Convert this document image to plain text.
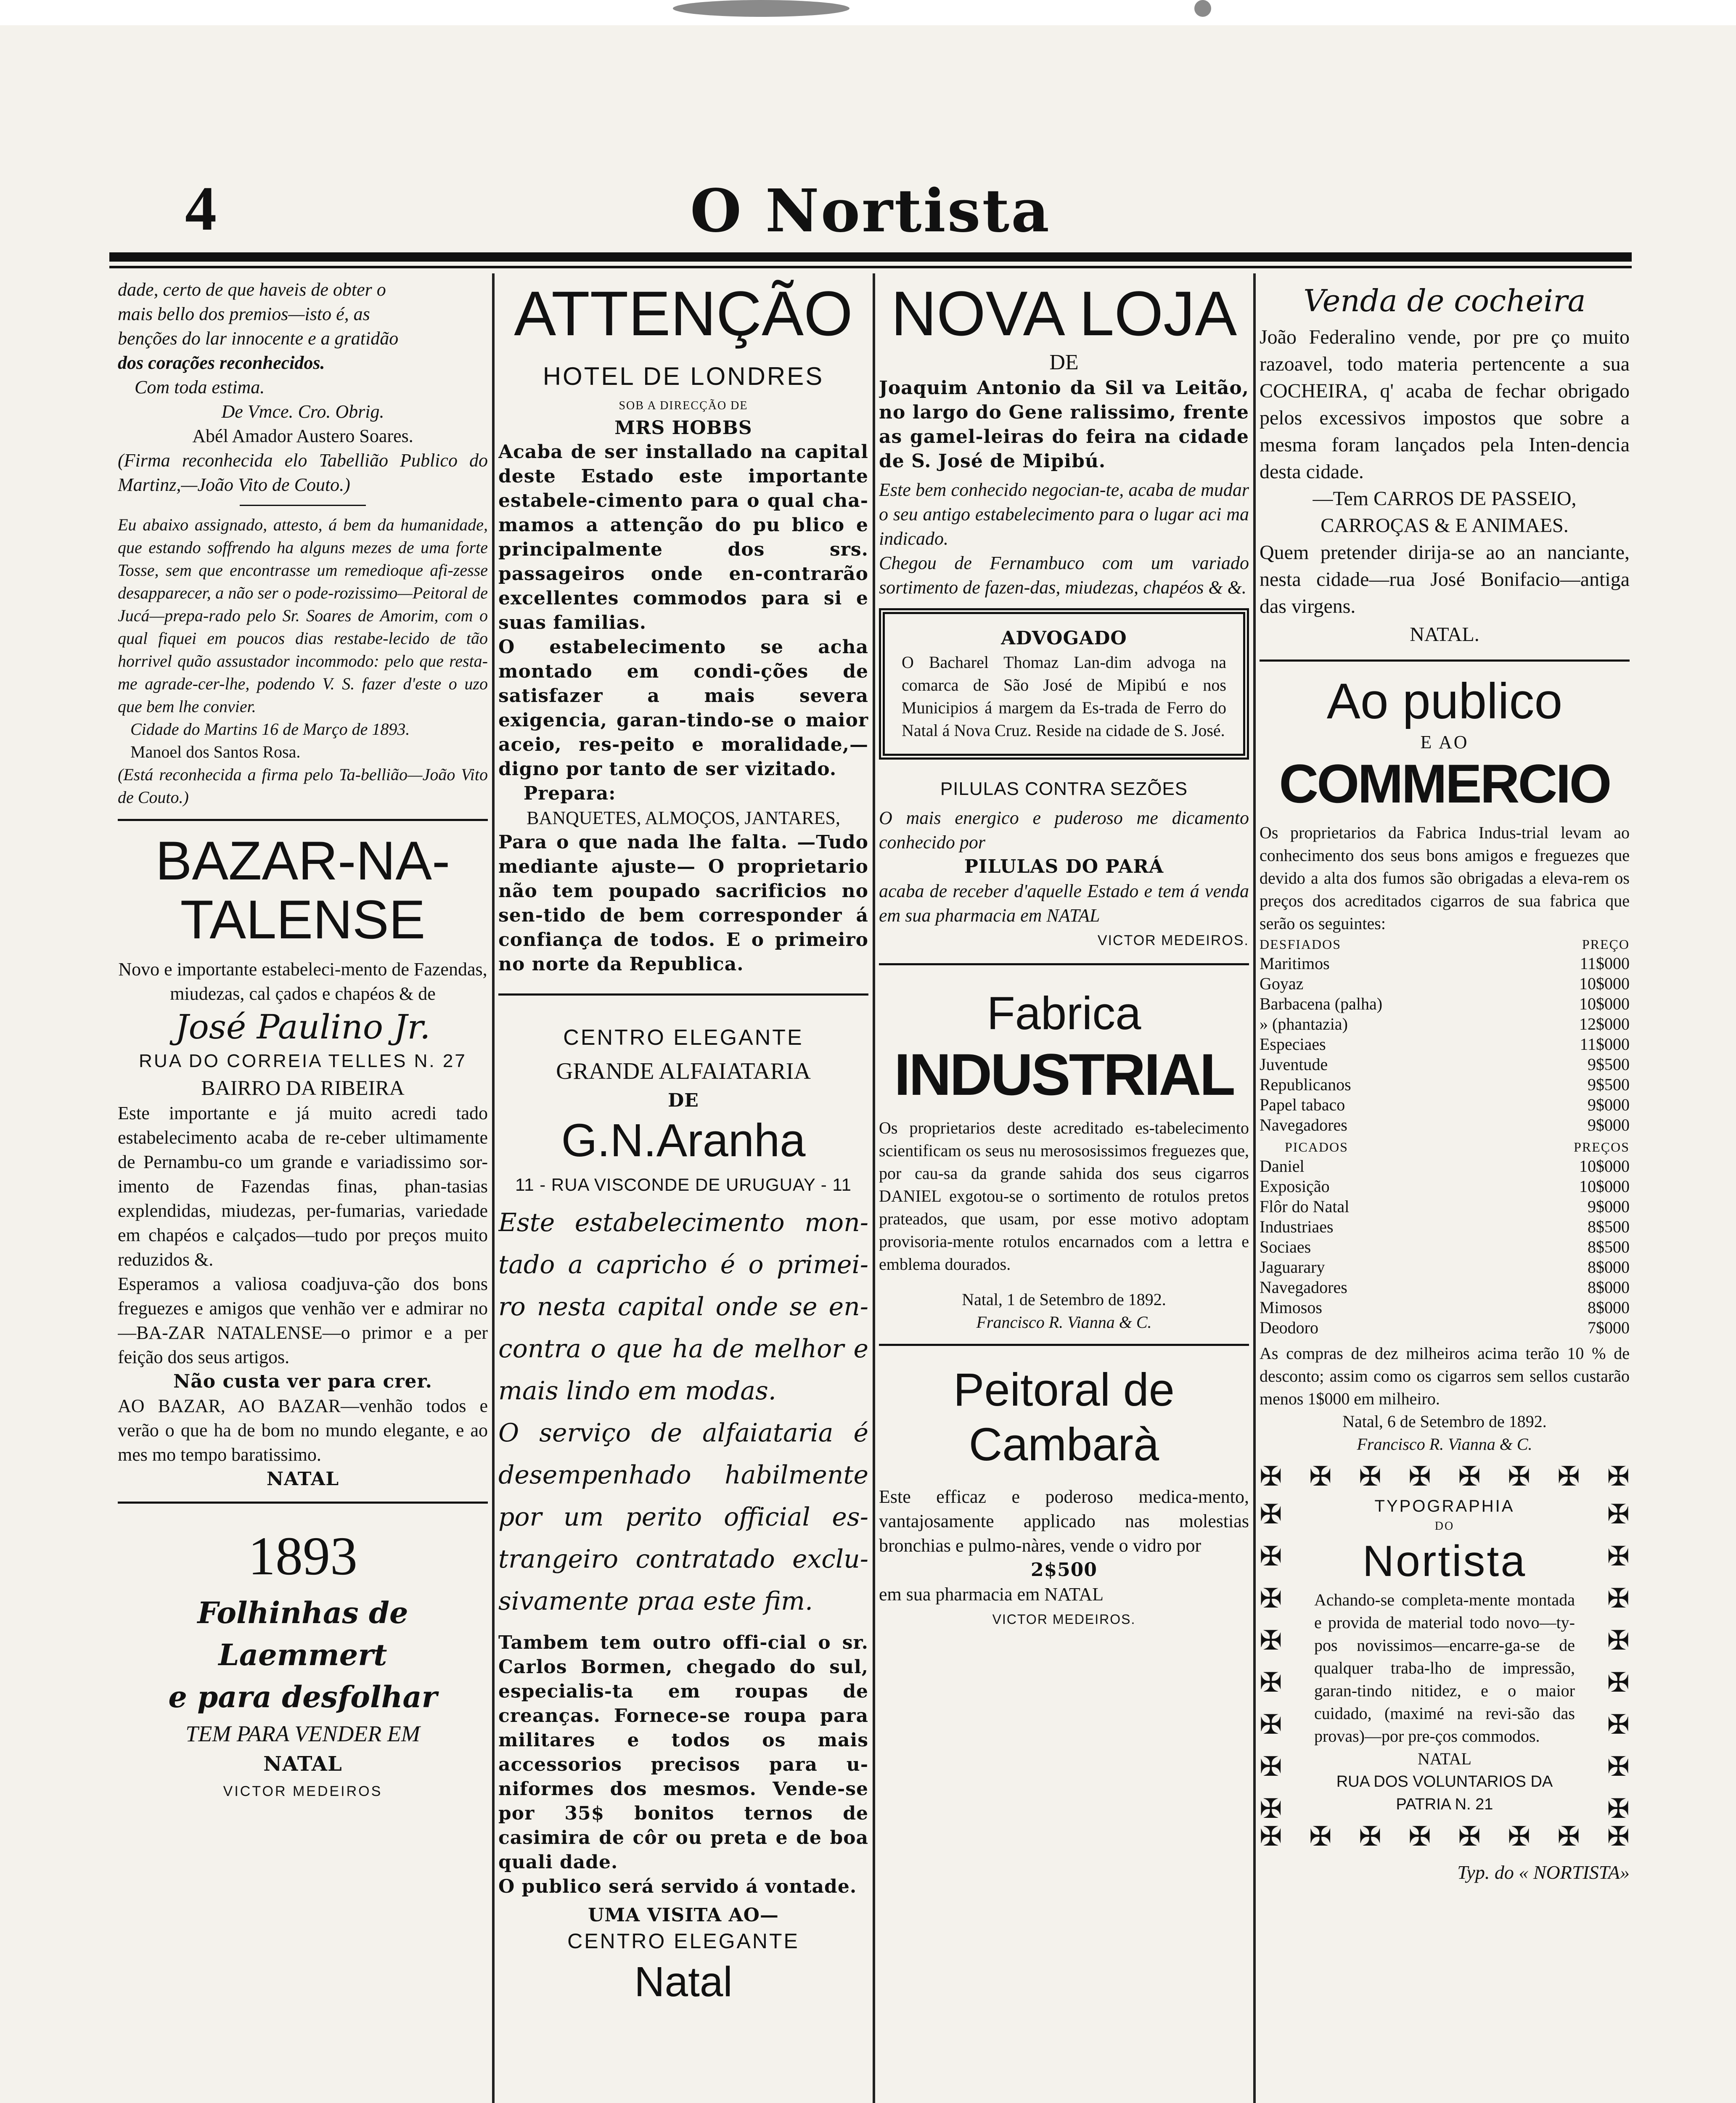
4	O Nortista

dade, certo de que haveis de obter o

mais bello dos premios—isto é, as

benções do lar innocente e a gratidão

dos corações reconhecidos.

Com toda estima.

De Vmce. Cro. Obrig.

Abél Amador Austero Soares.

(Firma reconhecida elo Tabellião Publico do Martinz,—João Vito de Couto.)

Eu abaixo assignado, attesto, á bem da humanidade, que estando soffrendo ha alguns mezes de uma forte Tosse, sem que encontrasse um remedioque afi-zesse desapparecer, a não ser o pode-rozissimo—Peitoral de Jucá—prepa-rado pelo Sr. Soares de Amorim, com o qual fiquei em poucos dias restabe-lecido de tão horrivel quão assustador incommodo: pelo que resta-me agrade-cer-lhe, podendo V. S. fazer d'este o uzo que bem lhe convier.

Cidade do Martins 16 de Março de 1893.

Manoel dos Santos Rosa.

(Está reconhecida a firma pelo Ta-bellião—João Vito de Couto.)

BAZAR-NA-TALENSE

Novo e importante estabeleci-mento de Fazendas, miudezas, cal çados e chapéos & de

José Paulino Jr.

RUA DO CORREIA TELLES N. 27

BAIRRO DA RIBEIRA

Este importante e já muito acredi tado estabelecimento acaba de re-ceber ultimamente de Pernambu-co um grande e variadissimo sor-imento de Fazendas finas, phan-tasias explendidas, miudezas, per-fumarias, variedade em chapéos e calçados—tudo por preços muito reduzidos &.

Esperamos a valiosa coadjuva-ção dos bons freguezes e amigos que venhão ver e admirar no—BA-ZAR NATALENSE—o primor e a per feição dos seus artigos.

Não custa ver para crer.

AO BAZAR, AO BAZAR—venhão todos e verão o que ha de bom no mundo elegante, e ao mes mo tempo baratissimo.

NATAL

1893

Folhinhas de Laemmert

e para desfolhar

TEM PARA VENDER EM

NATAL

VICTOR MEDEIROS

ATTENÇÃO

HOTEL DE LONDRES

SOB A DIRECÇÃO DE

MRS HOBBS

Acaba de ser installado na capital deste Estado este importante estabele-cimento para o qual cha-mamos a attenção do pu blico e principalmente dos srs. passageiros onde en-contrarão excellentes commodos para si e suas familias.

O estabelecimento se acha montado em condi-ções de satisfazer a mais severa exigencia, garan-tindo-se o maior aceio, res-peito e moralidade,—digno por tanto de ser vizitado.

Prepara:

BANQUETES, ALMOÇOS, JANTARES,

Para o que nada lhe falta. —Tudo mediante ajuste— O proprietario não tem poupado sacrificios no sen-tido de bem corresponder á confiança de todos. E o primeiro no norte da Republica.

CENTRO ELEGANTE

GRANDE ALFAIATARIA

DE

G.N.Aranha

11 - RUA VISCONDE DE URUGUAY - 11

Este estabelecimento mon-tado a capricho é o primei-ro nesta capital onde se en-contra o que ha de melhor e mais lindo em modas.

O serviço de alfaiataria é desempenhado habilmente por um perito official es-trangeiro contratado exclu-sivamente praa este fim.

Tambem tem outro offi-cial o sr. Carlos Bormen, chegado do sul, especialis-ta em roupas de creanças. Fornece-se roupa para militares e todos os mais accessorios precisos para u-niformes dos mesmos. Vende-se por 35$ bonitos ternos de casimira de côr ou preta e de boa quali dade.

O publico será servido á vontade.

UMA VISITA AO—

CENTRO ELEGANTE

Natal

NOVA LOJA

DE

Joaquim Antonio da Sil va Leitão, no largo do Gene ralissimo, frente as gamel-leiras do feira na cidade de S. José de Mipibú.

Este bem conhecido negocian-te, acaba de mudar o seu antigo estabelecimento para o lugar aci ma indicado.

Chegou de Fernambuco com um variado sortimento de fazen-das, miudezas, chapéos & &.

ADVOGADO

O Bacharel Thomaz Lan-dim advoga na comarca de São José de Mipibú e nos Municipios á margem da Es-trada de Ferro do Natal á Nova Cruz. Reside na cidade de S. José.

PILULAS CONTRA SEZÕES

O mais energico e puderoso me dicamento conhecido por

PILULAS DO PARÁ

acaba de receber d'aquelle Estado e tem á venda em sua pharmacia em NATAL

VICTOR MEDEIROS.

Fabrica

INDUSTRIAL

Os proprietarios deste acreditado es-tabelecimento scientificam os seus nu merososissimos freguezes que, por cau-sa da grande sahida dos seus cigarros DANIEL exgotou-se o sortimento de rotulos pretos prateados, que usam, por esse motivo adoptam provisoria-mente rotulos encarnados com a lettra e emblema dourados.

Natal, 1 de Setembro de 1892.

Francisco R. Vianna & C.

Peitoral de Cambarà

Este efficaz e poderoso medica-mento, vantajosamente applicado nas molestias bronchias e pulmo-nàres, vende o vidro por

2$500

em sua pharmacia em NATAL

VICTOR MEDEIROS.

Venda de cocheira

João Federalino vende, por pre ço muito razoavel, todo materia pertencente a sua COCHEIRA, q' acaba de fechar obrigado pelos excessivos impostos que sobre a mesma foram lançados pela Inten-dencia desta cidade.

—Tem CARROS DE PASSEIO, CARROÇAS & E ANIMAES.

Quem pretender dirija-se ao an nanciante, nesta cidade—rua José Bonifacio—antiga das virgens.

NATAL.

Ao publico

E AO

COMMERCIO

Os proprietarios da Fabrica Indus-trial levam ao conhecimento dos seus bons amigos e freguezes que devido a alta dos fumos são obrigadas a eleva-rem os preços dos acreditados cigarros de sua fabrica que serão os seguintes:

DESFIADOS	PREÇO
Maritimos	11$000
Goyaz	10$000
Barbacena (palha)	10$000
» (phantazia)	12$000
Especiaes	11$000
Juventude	9$500
Republicanos	9$500
Papel tabaco	9$000
Navegadores	9$000
PICADOS	PREÇOS
Daniel	10$000
Exposição	10$000
Flôr do Natal	9$000
Industriaes	8$500
Sociaes	8$500
Jaguarary	8$000
Navegadores	8$000
Mimosos	8$000
Deodoro	7$000

As compras de dez milheiros acima terão 10 % de desconto; assim como os cigarros sem sellos custarão menos 1$000 em milheiro.

Natal, 6 de Setembro de 1892.

Francisco R. Vianna & C.

✠ ✠ ✠ ✠ ✠ ✠ ✠ ✠
✠
✠
✠
✠
✠
✠
✠
✠
✠
✠
✠
✠
✠
✠
✠
✠

TYPOGRAPHIA

DO

Nortista

Achando-se completa-mente montada e provida de material todo novo—ty-pos novissimos—encarre-ga-se de qualquer traba-lho de impressão, garan-tindo nitidez, e o maior cuidado, (maximé na revi-são das provas)—por pre-ços commodos.

NATAL

RUA DOS VOLUNTARIOS DA PATRIA N. 21

✠ ✠ ✠ ✠ ✠ ✠ ✠ ✠

Typ. do « NORTISTA»
